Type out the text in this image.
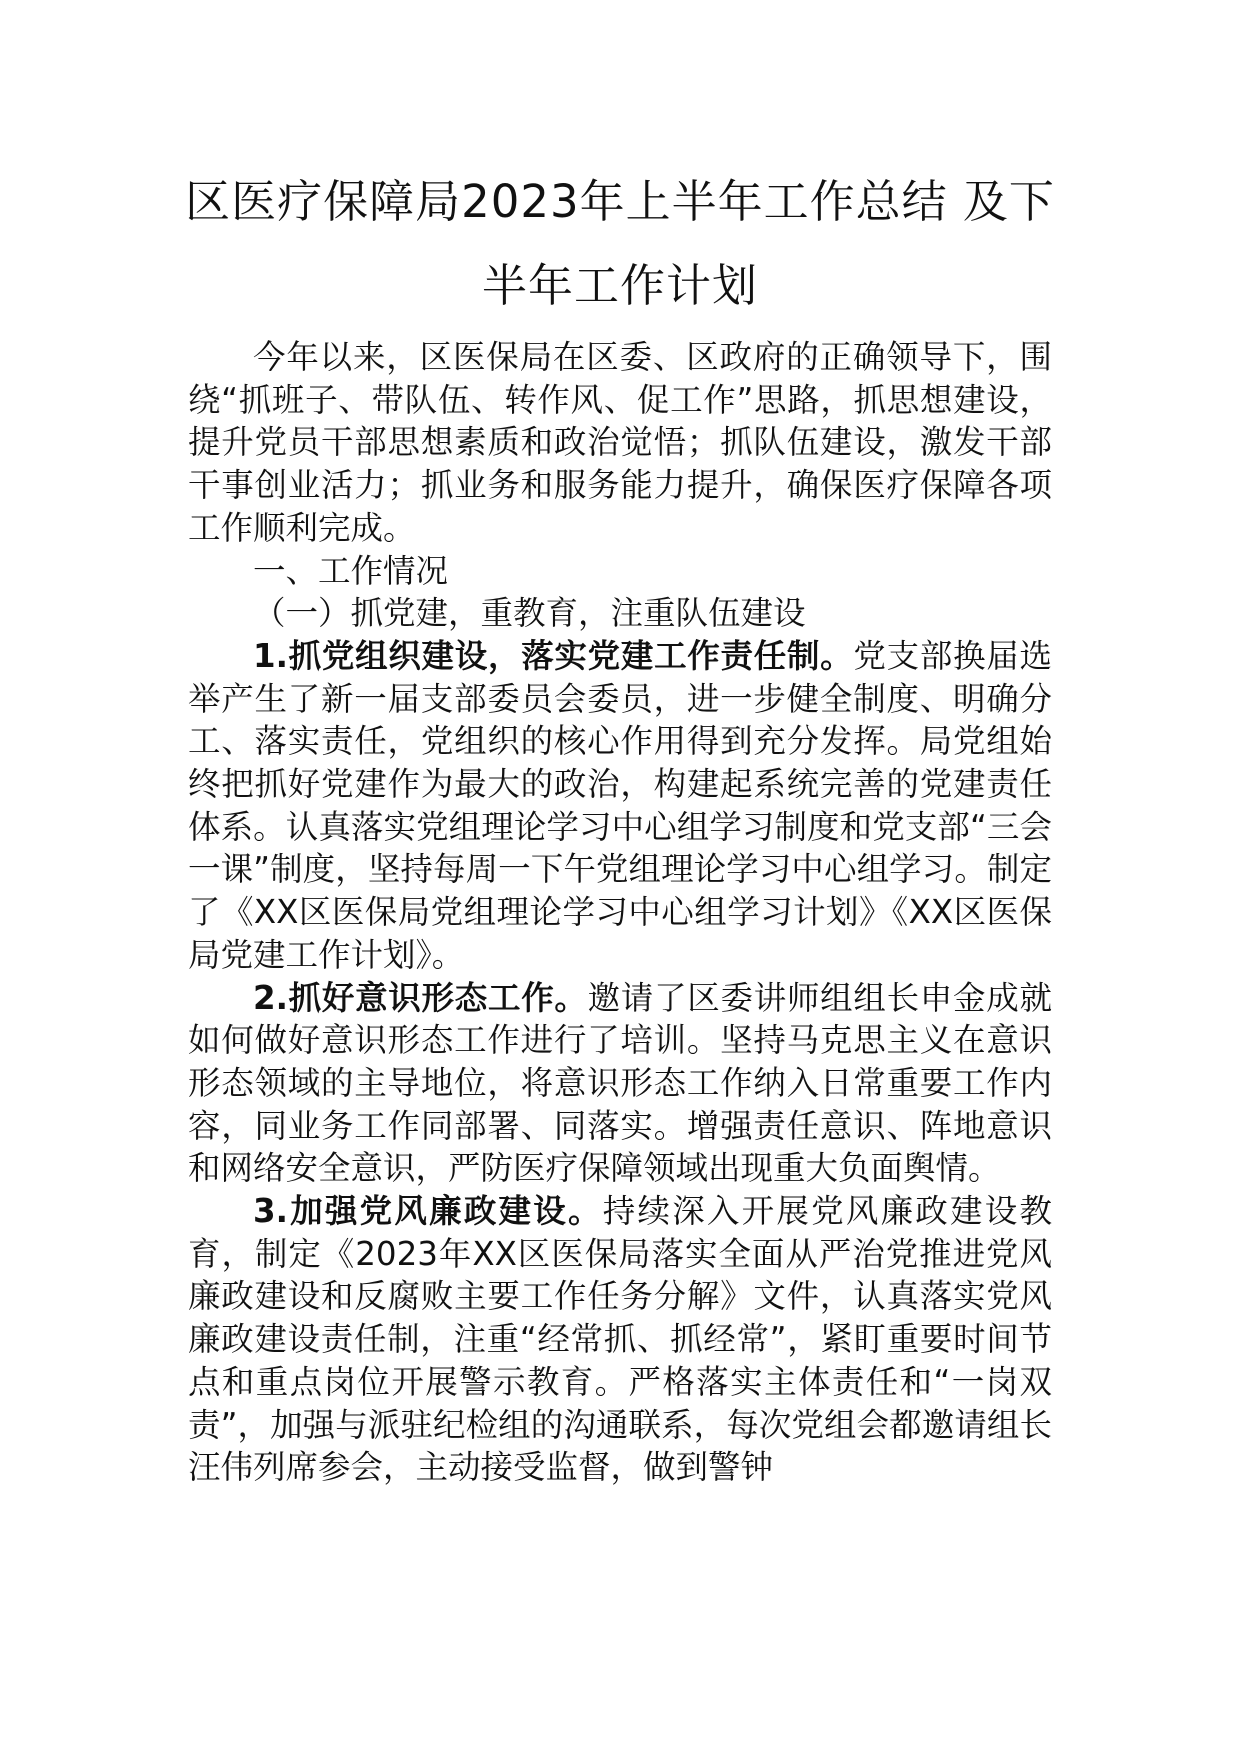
区医疗保障局2023年上半年工作总结 及下
半年工作计划

今年以来，区医保局在区委、区政府的正确领导下，围绕“抓班子、带队伍、转作风、促工作”思路，抓思想建设，提升党员干部思想素质和政治觉悟；抓队伍建设，激发干部干事创业活力；抓业务和服务能力提升，确保医疗保障各项工作顺利完成。

一、工作情况

（一）抓党建，重教育，注重队伍建设

1.抓党组织建设，落实党建工作责任制。党支部换届选举产生了新一届支部委员会委员，进一步健全制度、明确分工、落实责任，党组织的核心作用得到充分发挥。局党组始终把抓好党建作为最大的政治，构建起系统完善的党建责任体系。认真落实党组理论学习中心组学习制度和党支部“三会一课”制度，坚持每周一下午党组理论学习中心组学习。制定了《XX区医保局党组理论学习中心组学习计划》《XX区医保局党建工作计划》。

2.抓好意识形态工作。邀请了区委讲师组组长申金成就如何做好意识形态工作进行了培训。坚持马克思主义在意识形态领域的主导地位，将意识形态工作纳入日常重要工作内容，同业务工作同部署、同落实。增强责任意识、阵地意识和网络安全意识，严防医疗保障领域出现重大负面舆情。

3.加强党风廉政建设。持续深入开展党风廉政建设教育，制定《2023年XX区医保局落实全面从严治党推进党风廉政建设和反腐败主要工作任务分解》文件，认真落实党风廉政建设责任制，注重“经常抓、抓经常”，紧盯重要时间节点和重点岗位开展警示教育。严格落实主体责任和“一岗双责”，加强与派驻纪检组的沟通联系，每次党组会都邀请组长汪伟列席参会，主动接受监督，做到警钟
